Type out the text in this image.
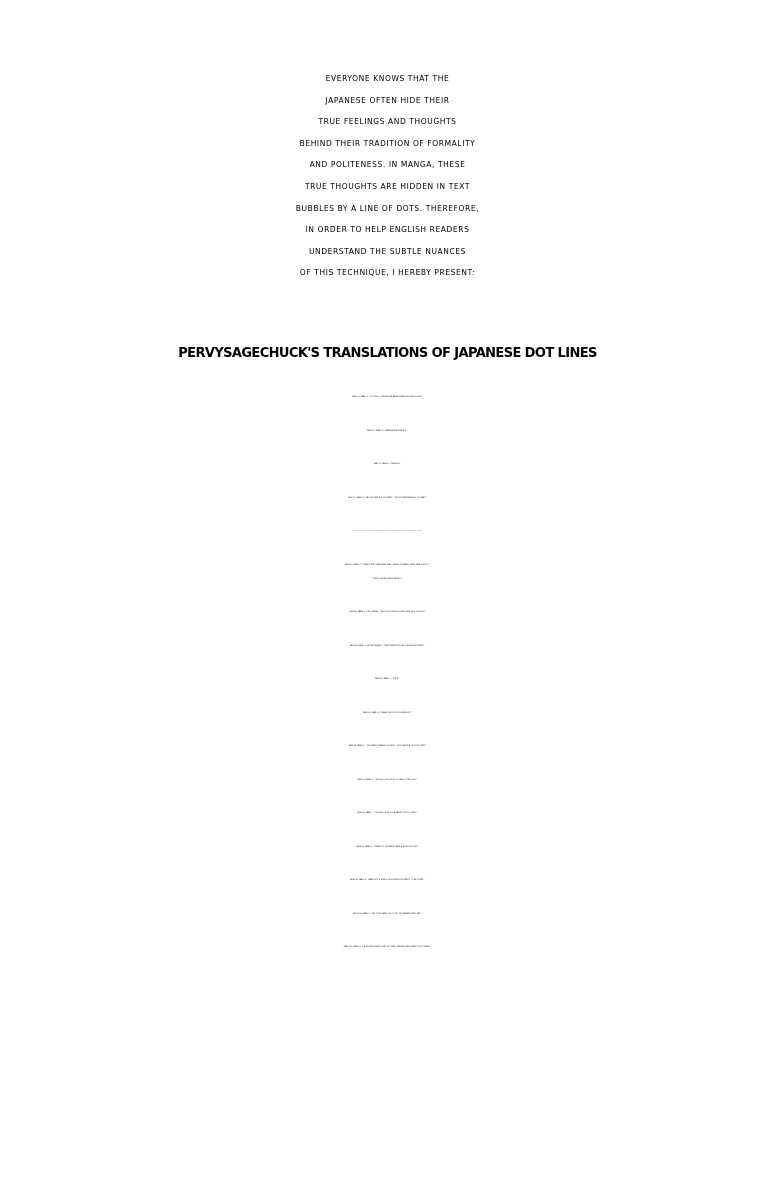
EVERYONE KNOWS THAT THE
JAPANESE OFTEN HIDE THEIR
TRUE FEELINGS AND THOUGHTS
BEHIND THEIR TRADITION OF FORMALITY
AND POLITENESS. IN MANGA, THESE
TRUE THOUGHTS ARE HIDDEN IN TEXT
BUBBLES BY A LINE OF DOTS. THEREFORE,
IN ORDER TO HELP ENGLISH READERS
UNDERSTAND THE SUBTLE NUANCES
OF THIS TECHNIQUE, I HEREBY PRESENT:
PERVYSAGECHUCK'S TRANSLATIONS OF JAPANESE DOT LINES
PAGE 72, PANEL 3: “I'D LOVE TO CARESS HER BREASTS AND KISS HER THIGHS!”
PAGE 75, PANEL 4: “SMART-ASSED PUNK KID!”
PAGE 75, PANEL 5: “ASSHOLE!”
PAGE 75, PANEL 6: “EAT SHIT AND DIE, YOU BRAT!” “KISS MY HEMORRHOIDS, OLD FART!”
PAGE 79, PANEL 2: “IF I EVER GET MY HANDS ON THE FUCKING ARTIST WHO FORGOT TO PUT NIPPLES ON MY TITS…!”
PAGE 82, PANEL 1: “THEN IT MUST HAVE BEEN THAT LOWLIFE SCUMBAG, PERVY SAGE CHUCK!!”
*PERVY QUICKLY HIDES PANTIES!*
PAGE 86, PANEL 3, FIRST BUBBLE: “WHO DOES THAT OLD FART THINK HE'S FOOLING?”
PAGE 86, PANEL 3, SECOND BUBBLE: “THESE DUMB SHITS WILL BELIEVE ANYTHING!”
PAGE 88, PANEL 3: “BITCH!”
PAGE 89, PANEL 4: “WHERE THE FUCK IS EVERYBODY?”
PAGE 89, PANEL 6: “GOD DAMN COWARDS! OH SHIT! I JUST REALIZED I'M ON MY OWN!”
PAGE 92, PANEL 2: “SHOULD I JUST RIP ALL OF HER CLOTHES OFF?”
PAGE 94, PANEL 2: “OH GOD! I HOPE IT'S A RAPIST! I'M SO LONELY!”
PAGE 94, PANEL 4: “PLEASE LET THE RAPIST HAVE A HUGE SCHLONG!”
PAGE 96, PANEL 6: “DAMN! NOT A SINGLE SELF-RESPECTING RAPIST TO BE FOUND!”
PAGE 100, PANEL 6: “GET YOUR HANDS OFF OF ME, YOU DAMNED DIRTY APE!”
PAGE 101, PANEL 2: “I HOPE SHE DOESN'T FIND OUT THAT I TRAINED THAT CHIMP TO FLIP SKIRTS.”
